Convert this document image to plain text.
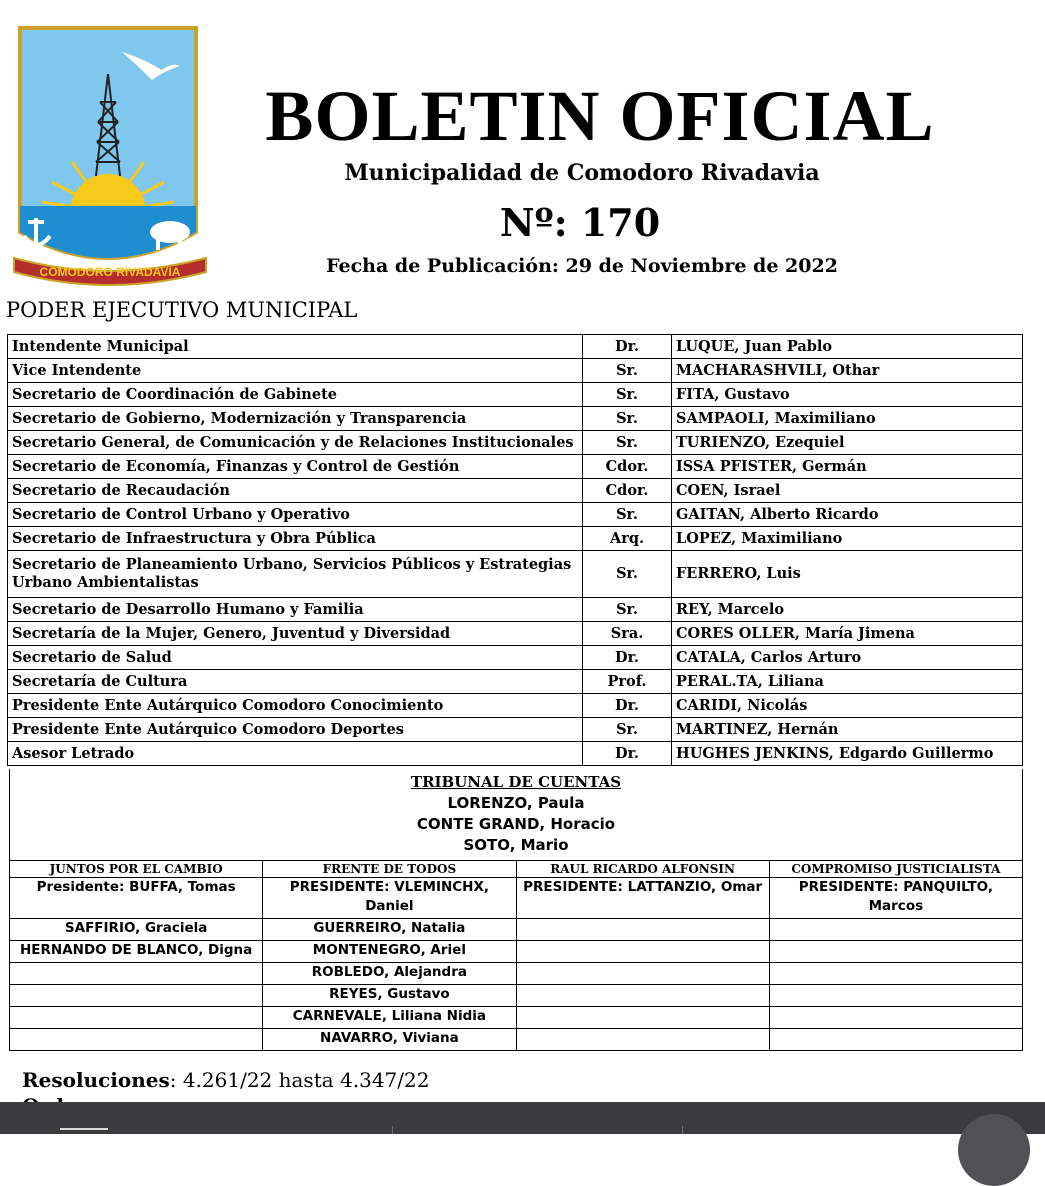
COMODORO RIVADAVIA
BOLETIN OFICIAL
Municipalidad de Comodoro Rivadavia
Nº: 170
Fecha de Publicación: 29 de Noviembre de 2022
PODER EJECUTIVO MUNICIPAL
Intendente Municipal	Dr.	LUQUE, Juan Pablo
Vice Intendente	Sr.	MACHARASHVILI, Othar
Secretario de Coordinación de Gabinete	Sr.	FITA, Gustavo
Secretario de Gobierno, Modernización y Transparencia	Sr.	SAMPAOLI, Maximiliano
Secretario General, de Comunicación y de Relaciones Institucionales	Sr.	TURIENZO, Ezequiel
Secretario de Economía, Finanzas y Control de Gestión	Cdor.	ISSA PFISTER, Germán
Secretario de Recaudación	Cdor.	COEN, Israel
Secretario de Control Urbano y Operativo	Sr.	GAITAN, Alberto Ricardo
Secretario de Infraestructura y Obra Pública	Arq.	LOPEZ, Maximiliano
Secretario de Planeamiento Urbano, Servicios Públicos y Estrategias Urbano Ambientalistas	Sr.	FERRERO, Luis
Secretario de Desarrollo Humano y Familia	Sr.	REY, Marcelo
Secretaría de la Mujer, Genero, Juventud y Diversidad	Sra.	CORES OLLER, María Jimena
Secretario de Salud	Dr.	CATALA, Carlos Arturo
Secretaría de Cultura	Prof.	PERAL.TA, Liliana
Presidente Ente Autárquico Comodoro Conocimiento	Dr.	CARIDI, Nicolás
Presidente Ente Autárquico Comodoro Deportes	Sr.	MARTINEZ, Hernán
Asesor Letrado	Dr.	HUGHES JENKINS, Edgardo Guillermo
TRIBUNAL DE CUENTAS
LORENZO, Paula
CONTE GRAND, Horacio
SOTO, Mario
JUNTOS POR EL CAMBIO	FRENTE DE TODOS	RAUL RICARDO ALFONSIN	COMPROMISO JUSTICIALISTA
Presidente: BUFFA, Tomas	PRESIDENTE: VLEMINCHX, Daniel	PRESIDENTE: LATTANZIO, Omar	PRESIDENTE: PANQUILTO, Marcos
SAFFIRIO, Graciela	GUERREIRO, Natalia		
HERNANDO DE BLANCO, Digna	MONTENEGRO, Ariel		
	ROBLEDO, Alejandra		
	REYES, Gustavo		
	CARNEVALE, Liliana Nidia		
	NAVARRO, Viviana		
Resoluciones: 4.261/22 hasta 4.347/22
